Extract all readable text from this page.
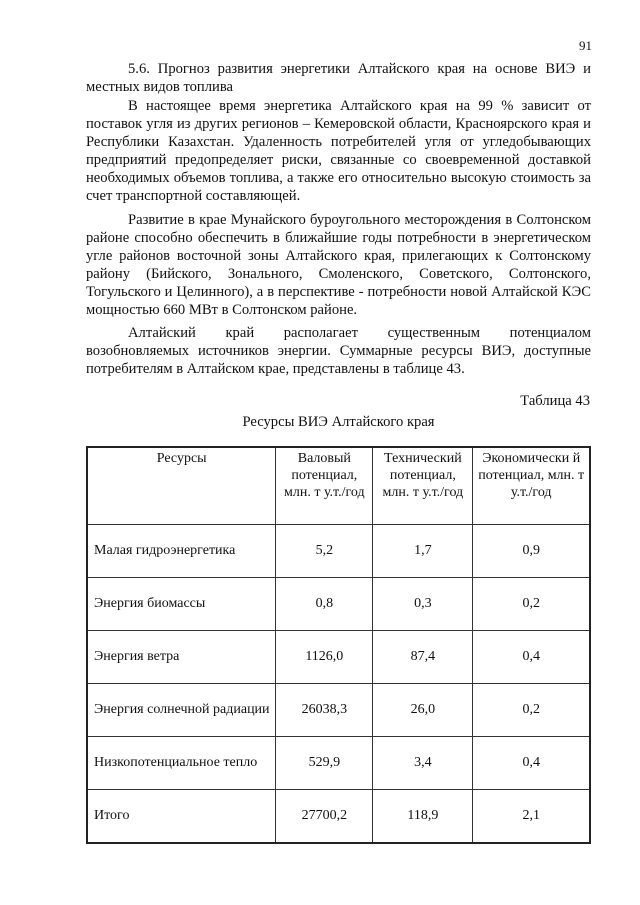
91

5.6. Прогноз развития энергетики Алтайского края на основе ВИЭ и местных видов топлива

В настоящее время энергетика Алтайского края на 99 % зависит от поставок угля из других регионов – Кемеровской области, Красноярского края и Республики Казахстан. Удаленность потребителей угля от угледобывающих предприятий предопределяет риски, связанные со своевременной доставкой необходимых объемов топлива, а также его относительно высокую стоимость за счет транспортной составляющей.

Развитие в крае Мунайского буроугольного месторождения в Солтонском районе способно обеспечить в ближайшие годы потребности в энергетическом угле районов восточной зоны Алтайского края, прилегающих к Солтонскому району (Бийского, Зонального, Смоленского, Советского, Солтонского, Тогульского и Целинного), а в перспективе - потребности новой Алтайской КЭС мощностью 660 МВт в Солтонском районе.

Алтайский край располагает существенным потенциалом возобновляемых источников энергии. Суммарные ресурсы ВИЭ, доступные потребителям в Алтайском крае, представлены в таблице 43.

Таблица 43
Ресурсы ВИЭ Алтайского края
Ресурсы	Валовый потенциал, млн. т у.т./год	Технический потенциал, млн. т у.т./год	Экономически й потенциал, млн. т у.т./год
Малая гидроэнергетика	5,2	1,7	0,9
Энергия биомассы	0,8	0,3	0,2
Энергия ветра	1126,0	87,4	0,4
Энергия солнечной радиации	26038,3	26,0	0,2
Низкопотенциальное тепло	529,9	3,4	0,4
Итого	27700,2	118,9	2,1
